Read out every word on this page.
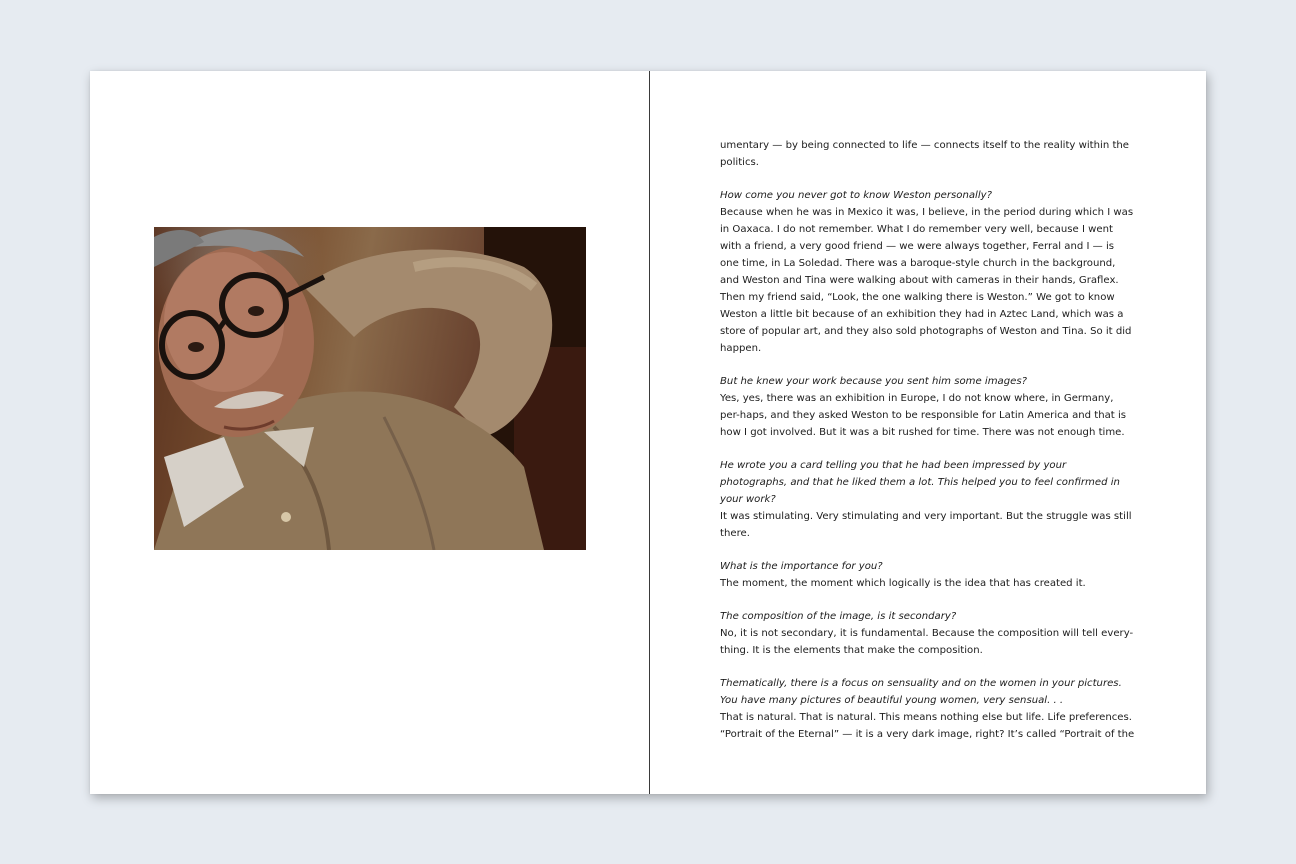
umentary — by being connected to life — connects itself to the reality within the politics.

How come you never got to know Weston personally?
Because when he was in Mexico it was, I believe, in the period during which I was in Oaxaca. I do not remember. What I do remember very well, because I went with a friend, a very good friend — we were always together, Ferral and I — is one time, in La Soledad. There was a baroque-style church in the background, and Weston and Tina were walking about with cameras in their hands, Graflex. Then my friend said, “Look, the one walking there is Weston.” We got to know Weston a little bit because of an exhibition they had in Aztec Land, which was a store of popular art, and they also sold photographs of Weston and Tina. So it did happen.

But he knew your work because you sent him some images?
Yes, yes, there was an exhibition in Europe, I do not know where, in Germany, per-haps, and they asked Weston to be responsible for Latin America and that is how I got involved. But it was a bit rushed for time. There was not enough time.

He wrote you a card telling you that he had been impressed by your photographs, and that he liked them a lot. This helped you to feel confirmed in your work?
It was stimulating. Very stimulating and very important. But the struggle was still there.

What is the importance for you?
The moment, the moment which logically is the idea that has created it.

The composition of the image, is it secondary?
No, it is not secondary, it is fundamental. Because the composition will tell every-thing. It is the elements that make the composition.

Thematically, there is a focus on sensuality and on the women in your pictures. You have many pictures of beautiful young women, very sensual. . .
That is natural. That is natural. This means nothing else but life. Life preferences. “Portrait of the Eternal” — it is a very dark image, right? It’s called “Portrait of the
